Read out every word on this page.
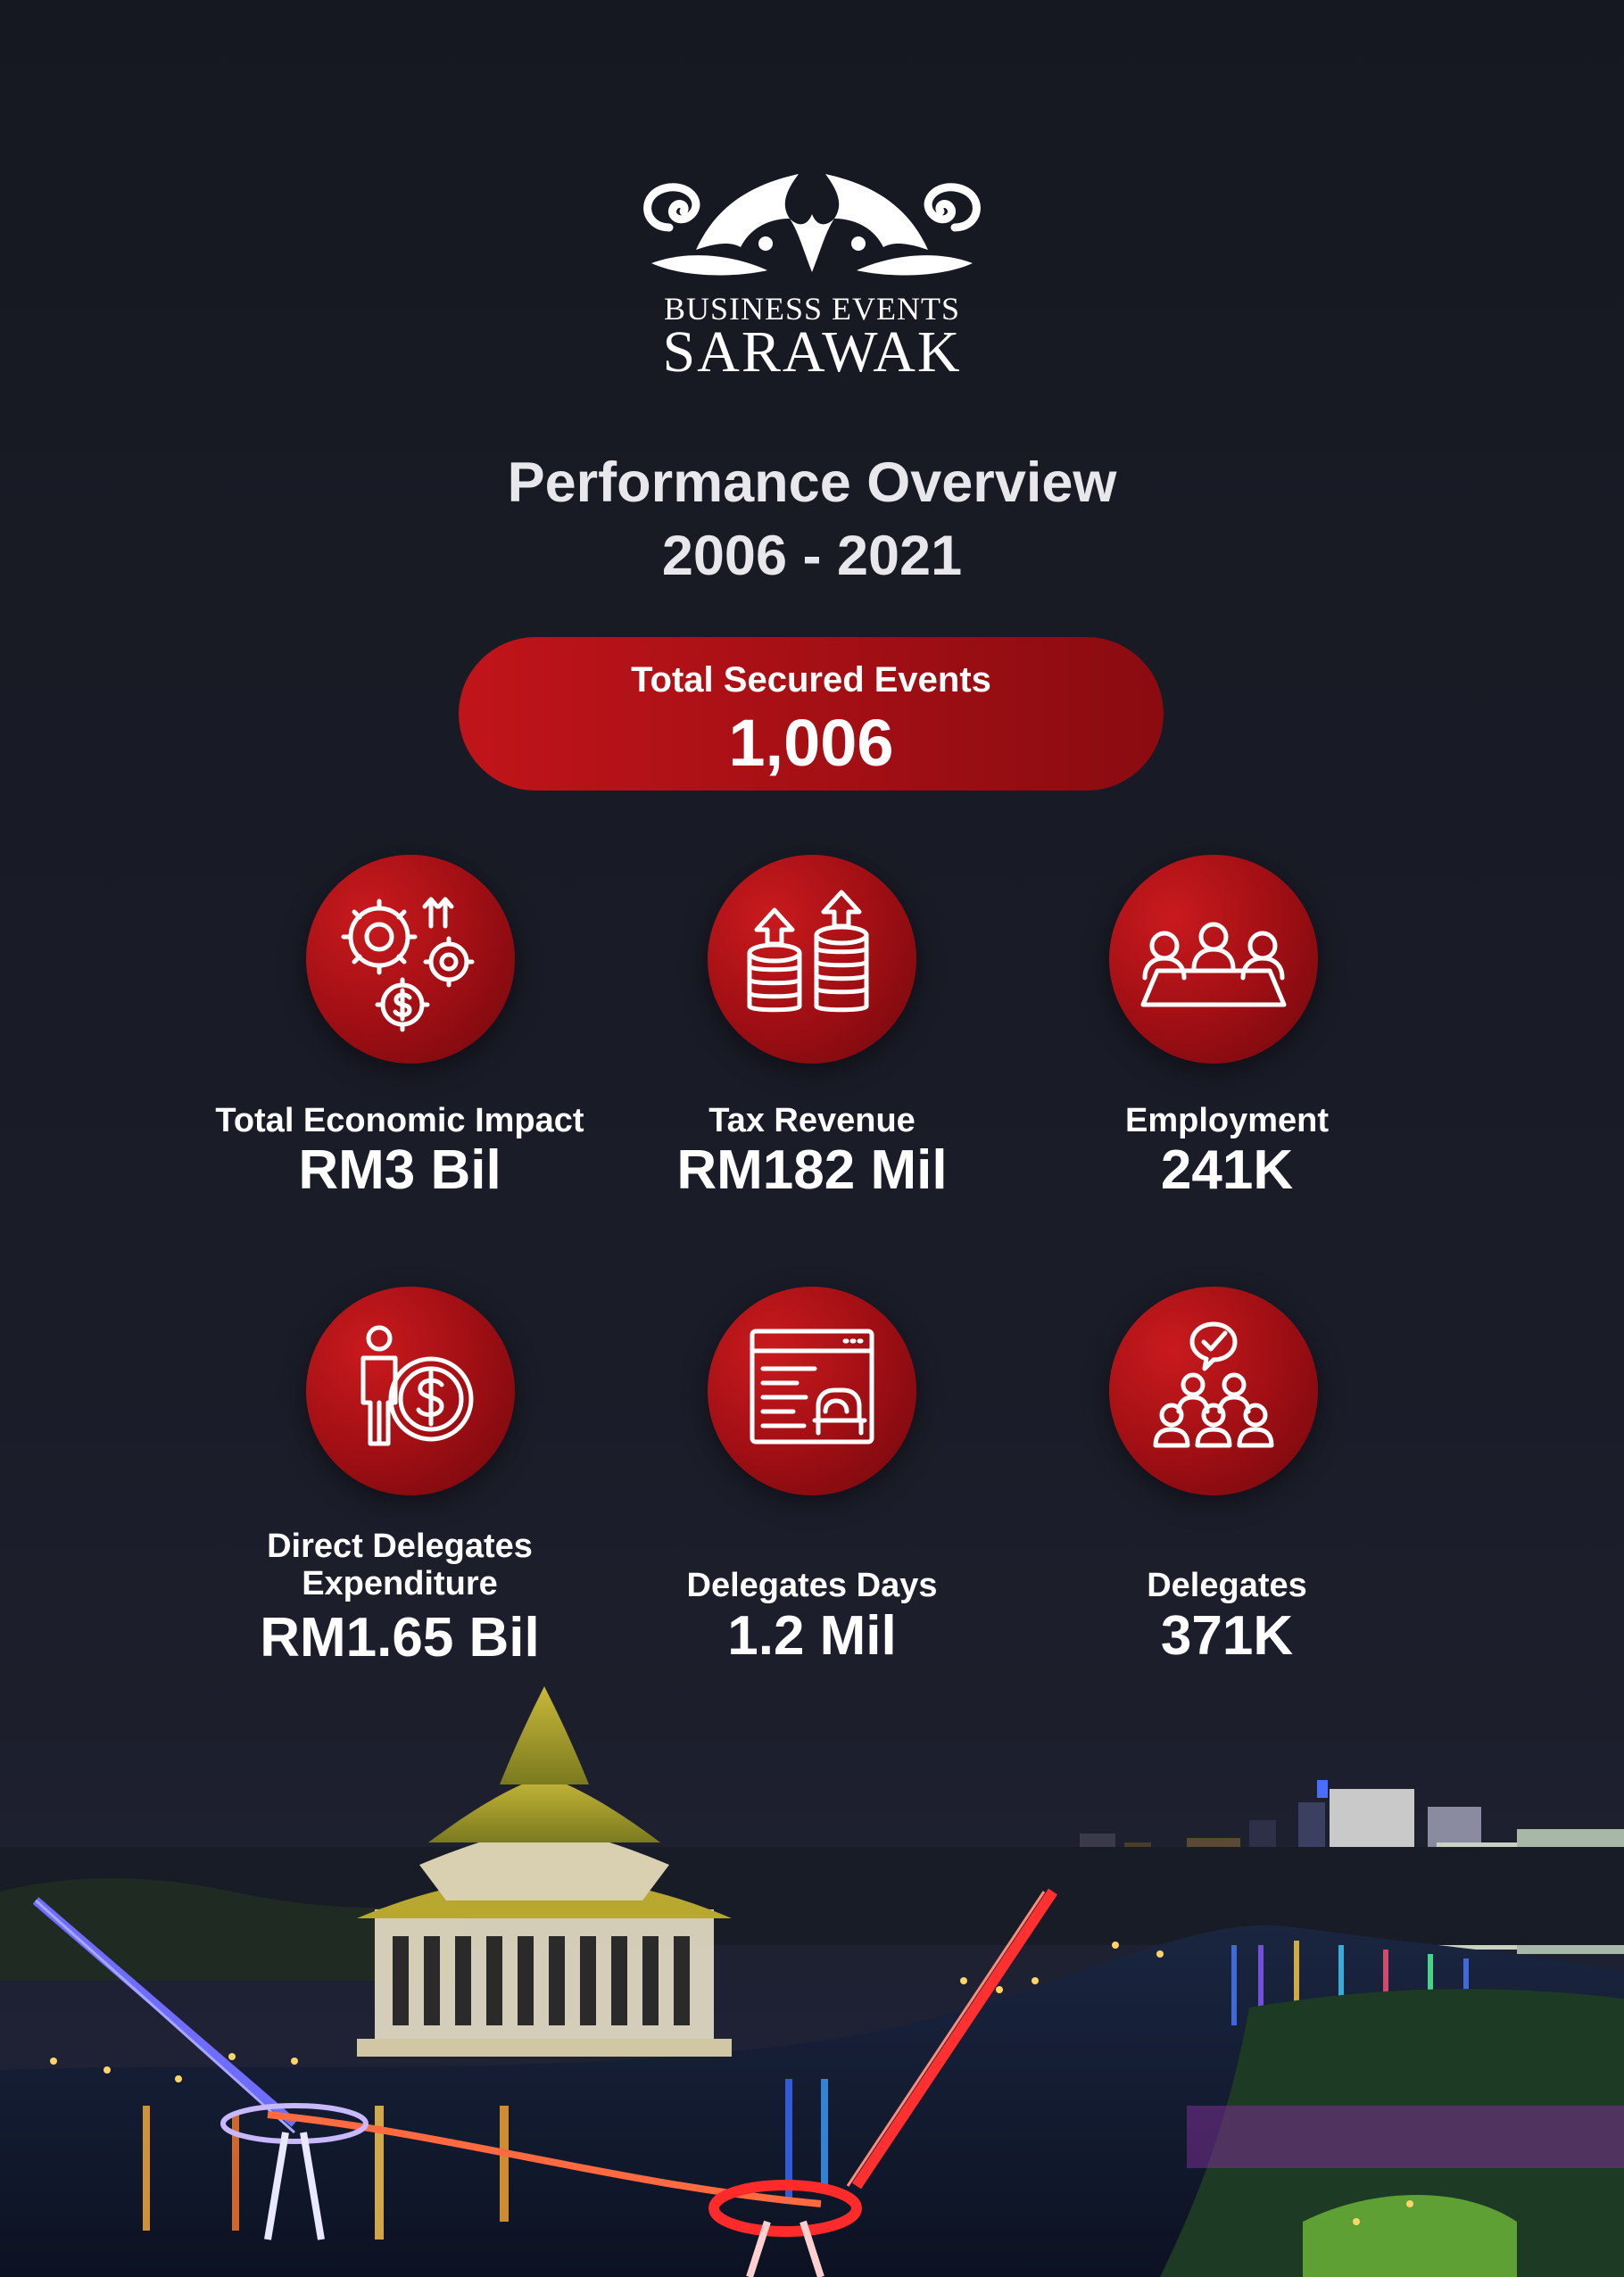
BUSINESS EVENTS
SARAWAK
Performance Overview
2006 - 2021
Total Secured Events
1,006
Total Economic Impact
RM3 Bil
Tax Revenue
RM182 Mil
Employment
241K
Direct Delegates Expenditure
RM1.65 Bil
Delegates Days
1.2 Mil
Delegates
371K
